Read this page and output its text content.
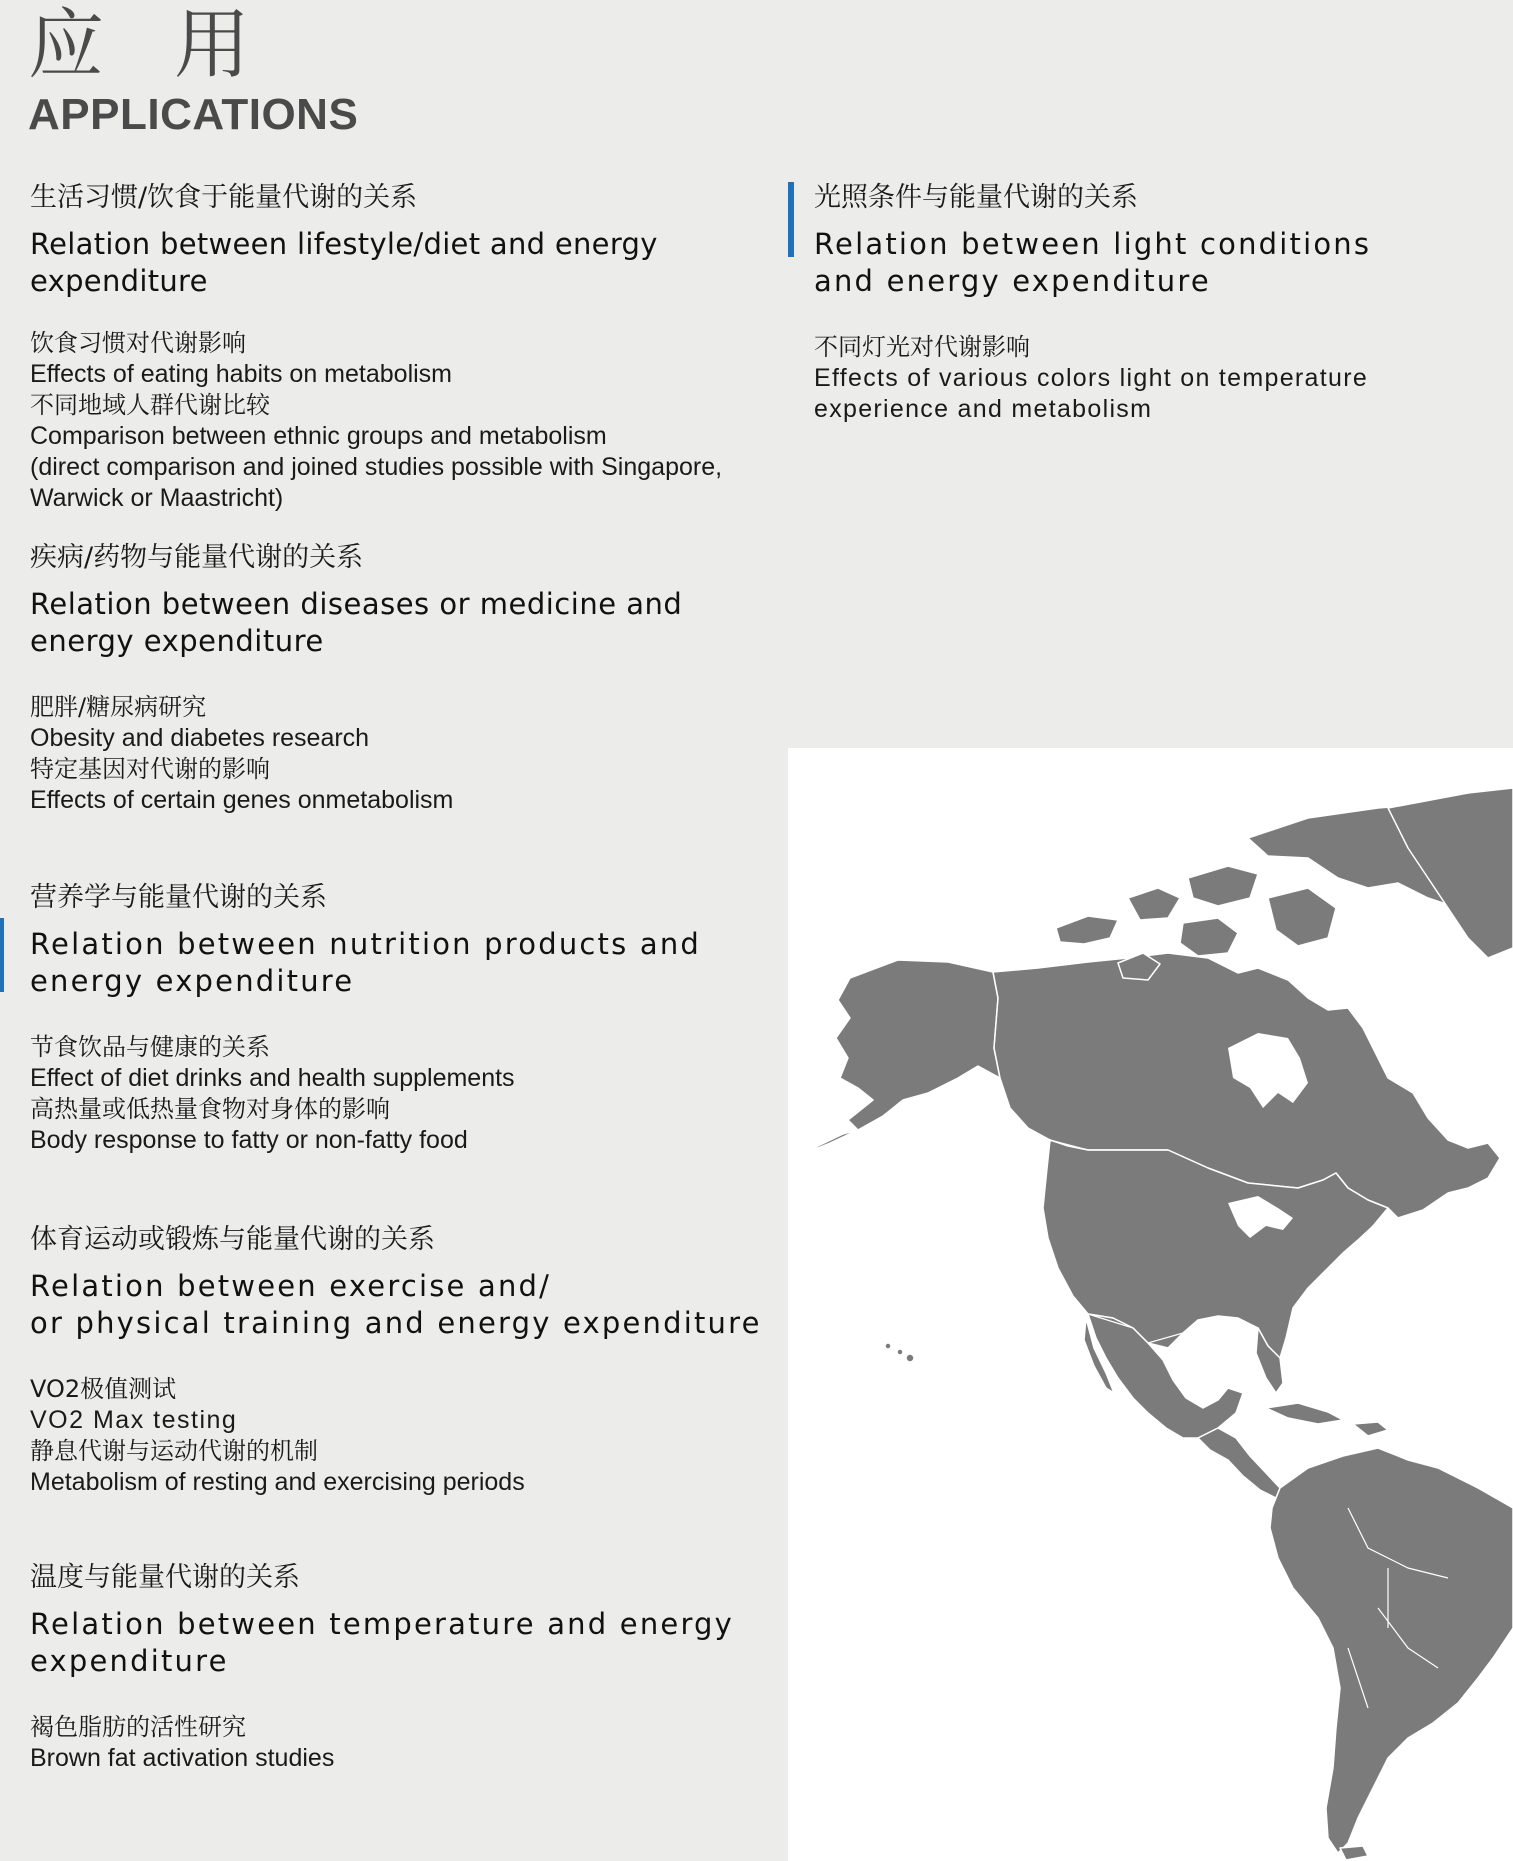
应用
APPLICATIONS

生活习惯/饮食于能量代谢的关系

Relation between lifestyle/diet and energy expenditure

饮食习惯对代谢影响

Effects of eating habits on metabolism

不同地域人群代谢比较

Comparison between ethnic groups and metabolism
(direct comparison and joined studies possible with Singapore,
Warwick or Maastricht)

疾病/药物与能量代谢的关系

Relation between diseases or medicine and energy expenditure

肥胖/糖尿病研究

Obesity and diabetes research

特定基因对代谢的影响

Effects of certain genes onmetabolism

营养学与能量代谢的关系

Relation between nutrition products and energy expenditure

节食饮品与健康的关系

Effect of diet drinks and health supplements

高热量或低热量食物对身体的影响

Body response to fatty or non-fatty food

体育运动或锻炼与能量代谢的关系

Relation between exercise and/
or physical training and energy expenditure

VO2极值测试

VO2 Max testing

静息代谢与运动代谢的机制

Metabolism of resting and exercising periods

温度与能量代谢的关系

Relation between temperature and energy expenditure

褐色脂肪的活性研究

Brown fat activation studies

光照条件与能量代谢的关系

Relation between light conditions and energy expenditure

不同灯光对代谢影响

Effects of various colors light on temperature experience and metabolism
